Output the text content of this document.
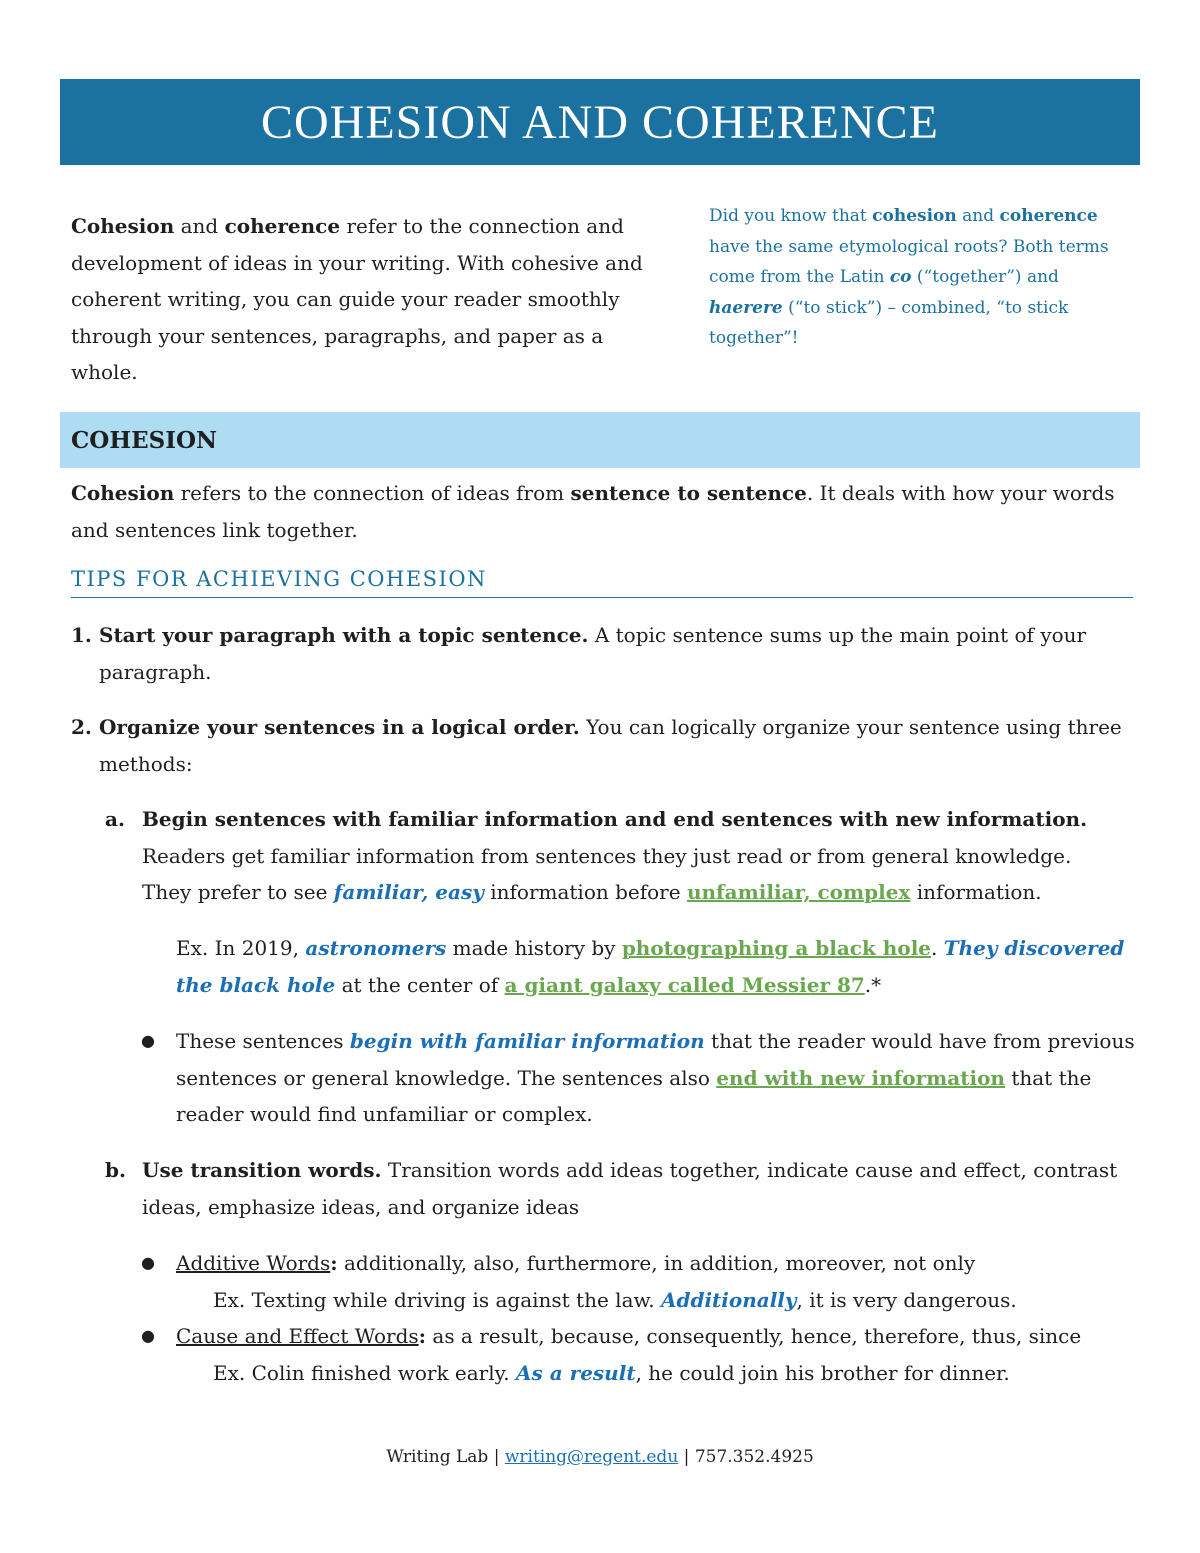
COHESION AND COHERENCE

Cohesion and coherence refer to the connection and development of ideas in your writing. With cohesive and coherent writing, you can guide your reader smoothly through your sentences, paragraphs, and paper as a whole.

Did you know that cohesion and coherence have the same etymological roots? Both terms come from the Latin co (“together”) and haerere (“to stick”) – combined, “to stick together”!

COHESION

Cohesion refers to the connection of ideas from sentence to sentence. It deals with how your words and sentences link together.

TIPS FOR ACHIEVING COHESION
1. Start your paragraph with a topic sentence. A topic sentence sums up the main point of your paragraph.

2. Organize your sentences in a logical order. You can logically organize your sentence using three methods:

a. Begin sentences with familiar information and end sentences with new information. Readers get familiar information from sentences they just read or from general knowledge. They prefer to see familiar, easy information before unfamiliar, complex information.

Ex. In 2019, astronomers made history by photographing a black hole. They discovered the black hole at the center of a giant galaxy called Messier 87.*

● These sentences begin with familiar information that the reader would have from previous sentences or general knowledge. The sentences also end with new information that the reader would find unfamiliar or complex.

b. Use transition words. Transition words add ideas together, indicate cause and effect, contrast ideas, emphasize ideas, and organize ideas

● Additive Words: additionally, also, furthermore, in addition, moreover, not only

Ex. Texting while driving is against the law. Additionally, it is very dangerous.

● Cause and Effect Words: as a result, because, consequently, hence, therefore, thus, since

Ex. Colin finished work early. As a result, he could join his brother for dinner.

Writing Lab | writing@regent.edu | 757.352.4925
